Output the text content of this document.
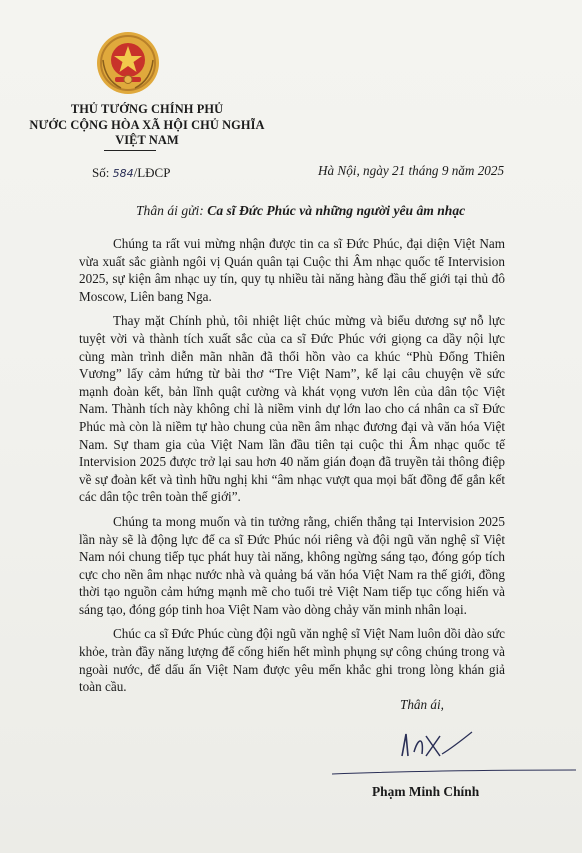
THỦ TƯỚNG CHÍNH PHỦ
NƯỚC CỘNG HÒA XÃ HỘI CHỦ NGHĨA
VIỆT NAM
Số: 584/LĐCP	Hà Nội, ngày 21 tháng 9 năm 2025
Thân ái gửi: Ca sĩ Đức Phúc và những người yêu âm nhạc

Chúng ta rất vui mừng nhận được tin ca sĩ Đức Phúc, đại diện Việt Nam vừa xuất sắc giành ngôi vị Quán quân tại Cuộc thi Âm nhạc quốc tế Intervision 2025, sự kiện âm nhạc uy tín, quy tụ nhiều tài năng hàng đầu thế giới tại thủ đô Moscow, Liên bang Nga.

Thay mặt Chính phủ, tôi nhiệt liệt chúc mừng và biểu dương sự nỗ lực tuyệt vời và thành tích xuất sắc của ca sĩ Đức Phúc với giọng ca dầy nội lực cùng màn trình diễn mãn nhãn đã thổi hồn vào ca khúc “Phù Đổng Thiên Vương” lấy cảm hứng từ bài thơ “Tre Việt Nam”, kể lại câu chuyện về sức mạnh đoàn kết, bản lĩnh quật cường và khát vọng vươn lên của dân tộc Việt Nam. Thành tích này không chỉ là niềm vinh dự lớn lao cho cá nhân ca sĩ Đức Phúc mà còn là niềm tự hào chung của nền âm nhạc đương đại và văn hóa Việt Nam. Sự tham gia của Việt Nam lần đầu tiên tại cuộc thi Âm nhạc quốc tế Intervision 2025 được trở lại sau hơn 40 năm gián đoạn đã truyền tải thông điệp về sự đoàn kết và tình hữu nghị khi “âm nhạc vượt qua mọi bất đồng để gắn kết các dân tộc trên toàn thế giới”.

Chúng ta mong muốn và tin tưởng rằng, chiến thắng tại Intervision 2025 lần này sẽ là động lực để ca sĩ Đức Phúc nói riêng và đội ngũ văn nghệ sĩ Việt Nam nói chung tiếp tục phát huy tài năng, không ngừng sáng tạo, đóng góp tích cực cho nền âm nhạc nước nhà và quảng bá văn hóa Việt Nam ra thế giới, đồng thời tạo nguồn cảm hứng mạnh mẽ cho tuổi trẻ Việt Nam tiếp tục cống hiến và sáng tạo, đóng góp tinh hoa Việt Nam vào dòng chảy văn minh nhân loại.

Chúc ca sĩ Đức Phúc cùng đội ngũ văn nghệ sĩ Việt Nam luôn dồi dào sức khỏe, tràn đầy năng lượng để cống hiến hết mình phụng sự công chúng trong và ngoài nước, để dấu ấn Việt Nam được yêu mến khắc ghi trong lòng khán giả toàn cầu.

Thân ái,
Phạm Minh Chính
